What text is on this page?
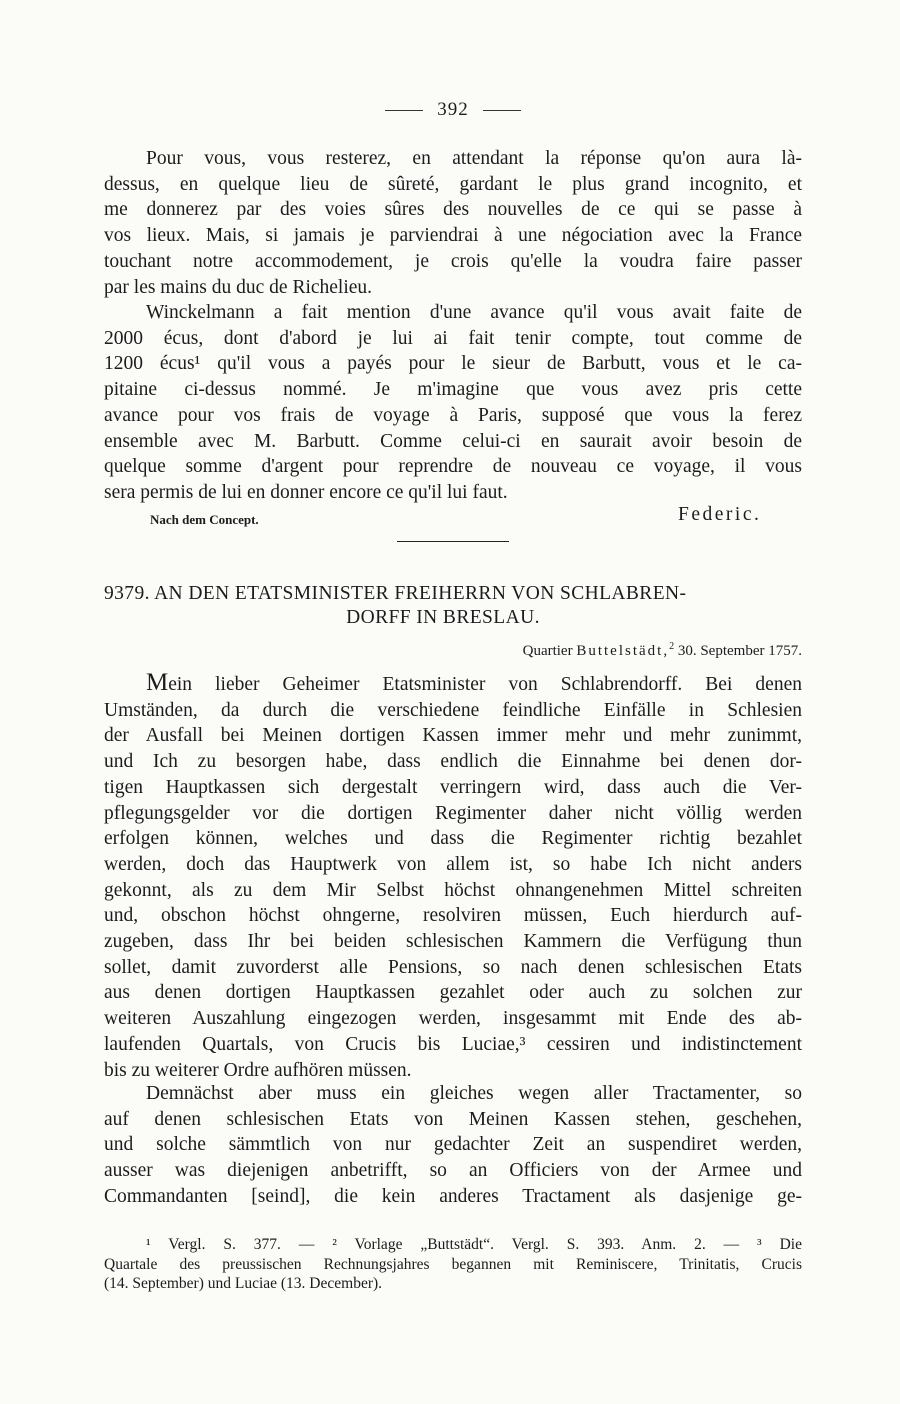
392

Pour vous, vous resterez, en attendant la réponse qu'on aura là-
dessus, en quelque lieu de sûreté, gardant le plus grand incognito, et
me donnerez par des voies sûres des nouvelles de ce qui se passe à
vos lieux. Mais, si jamais je parviendrai à une négociation avec la France
touchant notre accommodement, je crois qu'elle la voudra faire passer
par les mains du duc de Richelieu.

Winckelmann a fait mention d'une avance qu'il vous avait faite de
2000 écus, dont d'abord je lui ai fait tenir compte, tout comme de
1200 écus¹ qu'il vous a payés pour le sieur de Barbutt, vous et le ca-
pitaine ci-dessus nommé. Je m'imagine que vous avez pris cette
avance pour vos frais de voyage à Paris, supposé que vous la ferez
ensemble avec M. Barbutt. Comme celui-ci en saurait avoir besoin de
quelque somme d'argent pour reprendre de nouveau ce voyage, il vous
sera permis de lui en donner encore ce qu'il lui faut.

Nach dem Concept.	Federic.
9379. AN DEN ETATSMINISTER FREIHERRN VON SCHLABREN-
DORFF IN BRESLAU.
Quartier Buttelstädt,$^2$ 30. September 1757.

Mein lieber Geheimer Etatsminister von Schlabrendorff. Bei denen
Umständen, da durch die verschiedene feindliche Einfälle in Schlesien
der Ausfall bei Meinen dortigen Kassen immer mehr und mehr zunimmt,
und Ich zu besorgen habe, dass endlich die Einnahme bei denen dor-
tigen Hauptkassen sich dergestalt verringern wird, dass auch die Ver-
pflegungsgelder vor die dortigen Regimenter daher nicht völlig werden
erfolgen können, welches und dass die Regimenter richtig bezahlet
werden, doch das Hauptwerk von allem ist, so habe Ich nicht anders
gekonnt, als zu dem Mir Selbst höchst ohnangenehmen Mittel schreiten
und, obschon höchst ohngerne, resolviren müssen, Euch hierdurch auf-
zugeben, dass Ihr bei beiden schlesischen Kammern die Verfügung thun
sollet, damit zuvorderst alle Pensions, so nach denen schlesischen Etats
aus denen dortigen Hauptkassen gezahlet oder auch zu solchen zur
weiteren Auszahlung eingezogen werden, insgesammt mit Ende des ab-
laufenden Quartals, von Crucis bis Luciae,³ cessiren und indistinctement
bis zu weiterer Ordre aufhören müssen.

Demnächst aber muss ein gleiches wegen aller Tractamenter, so
auf denen schlesischen Etats von Meinen Kassen stehen, geschehen,
und solche sämmtlich von nur gedachter Zeit an suspendiret werden,
ausser was diejenigen anbetrifft, so an Officiers von der Armee und
Commandanten [seind], die kein anderes Tractament als dasjenige ge-

¹ Vergl. S. 377. — ² Vorlage „Buttstädt“. Vergl. S. 393. Anm. 2. — ³ Die
Quartale des preussischen Rechnungsjahres begannen mit Reminiscere, Trinitatis, Crucis
(14. September) und Luciae (13. December).
